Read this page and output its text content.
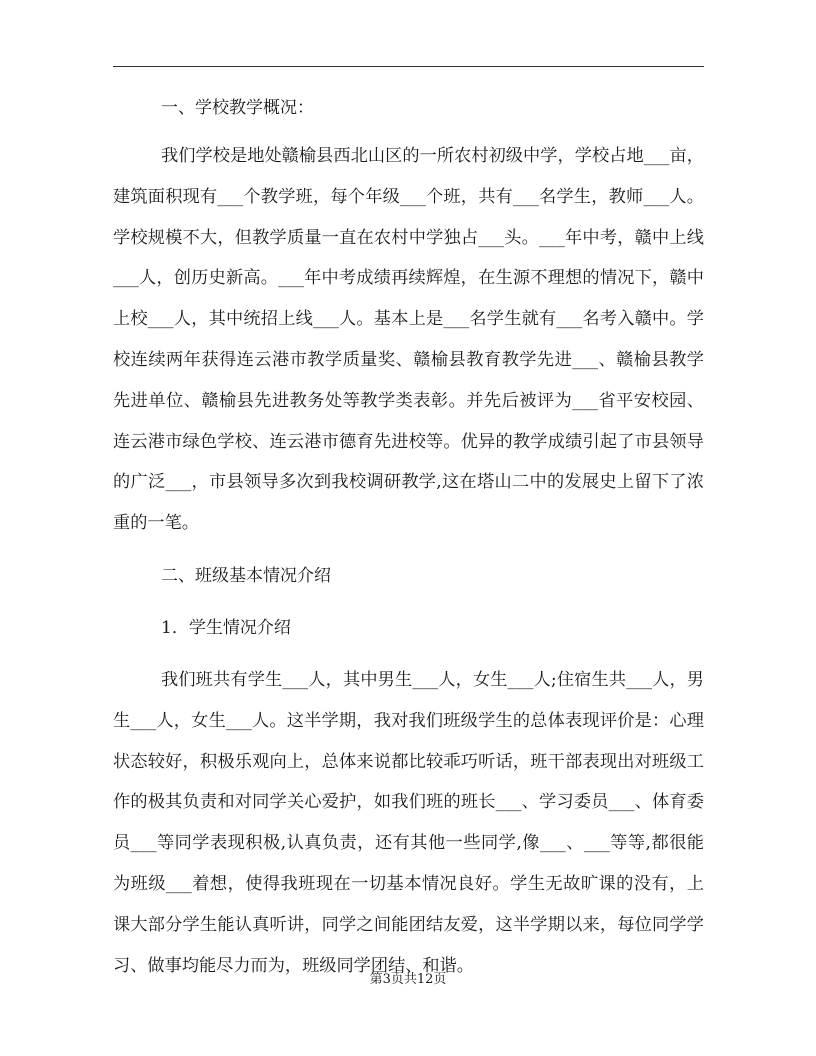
一、学校教学概况：

我们学校是地处赣榆县西北山区的一所农村初级中学，学校占地___亩，建筑面积现有___个教学班，每个年级___个班，共有___名学生，教师___人。学校规模不大，但教学质量一直在农村中学独占___头。___年中考，赣中上线___人，创历史新高。___年中考成绩再续辉煌，在生源不理想的情况下，赣中上校___人，其中统招上线___人。基本上是___名学生就有___名考入赣中。学校连续两年获得连云港市教学质量奖、赣榆县教育教学先进___、赣榆县教学先进单位、赣榆县先进教务处等教学类表彰。并先后被评为___省平安校园、连云港市绿色学校、连云港市德育先进校等。优异的教学成绩引起了市县领导的广泛___，市县领导多次到我校调研教学,这在塔山二中的发展史上留下了浓重的一笔。

二、班级基本情况介绍

1．学生情况介绍

我们班共有学生___人，其中男生___人，女生___人;住宿生共___人，男生___人，女生___人。这半学期，我对我们班级学生的总体表现评价是：心理状态较好，积极乐观向上，总体来说都比较乖巧听话，班干部表现出对班级工作的极其负责和对同学关心爱护，如我们班的班长___、学习委员___、体育委员___等同学表现积极,认真负责，还有其他一些同学,像___、___等等,都很能为班级___着想，使得我班现在一切基本情况良好。学生无故旷课的没有，上课大部分学生能认真听讲，同学之间能团结友爱，这半学期以来，每位同学学习、做事均能尽力而为，班级同学团结、和谐。

第3页共12页
